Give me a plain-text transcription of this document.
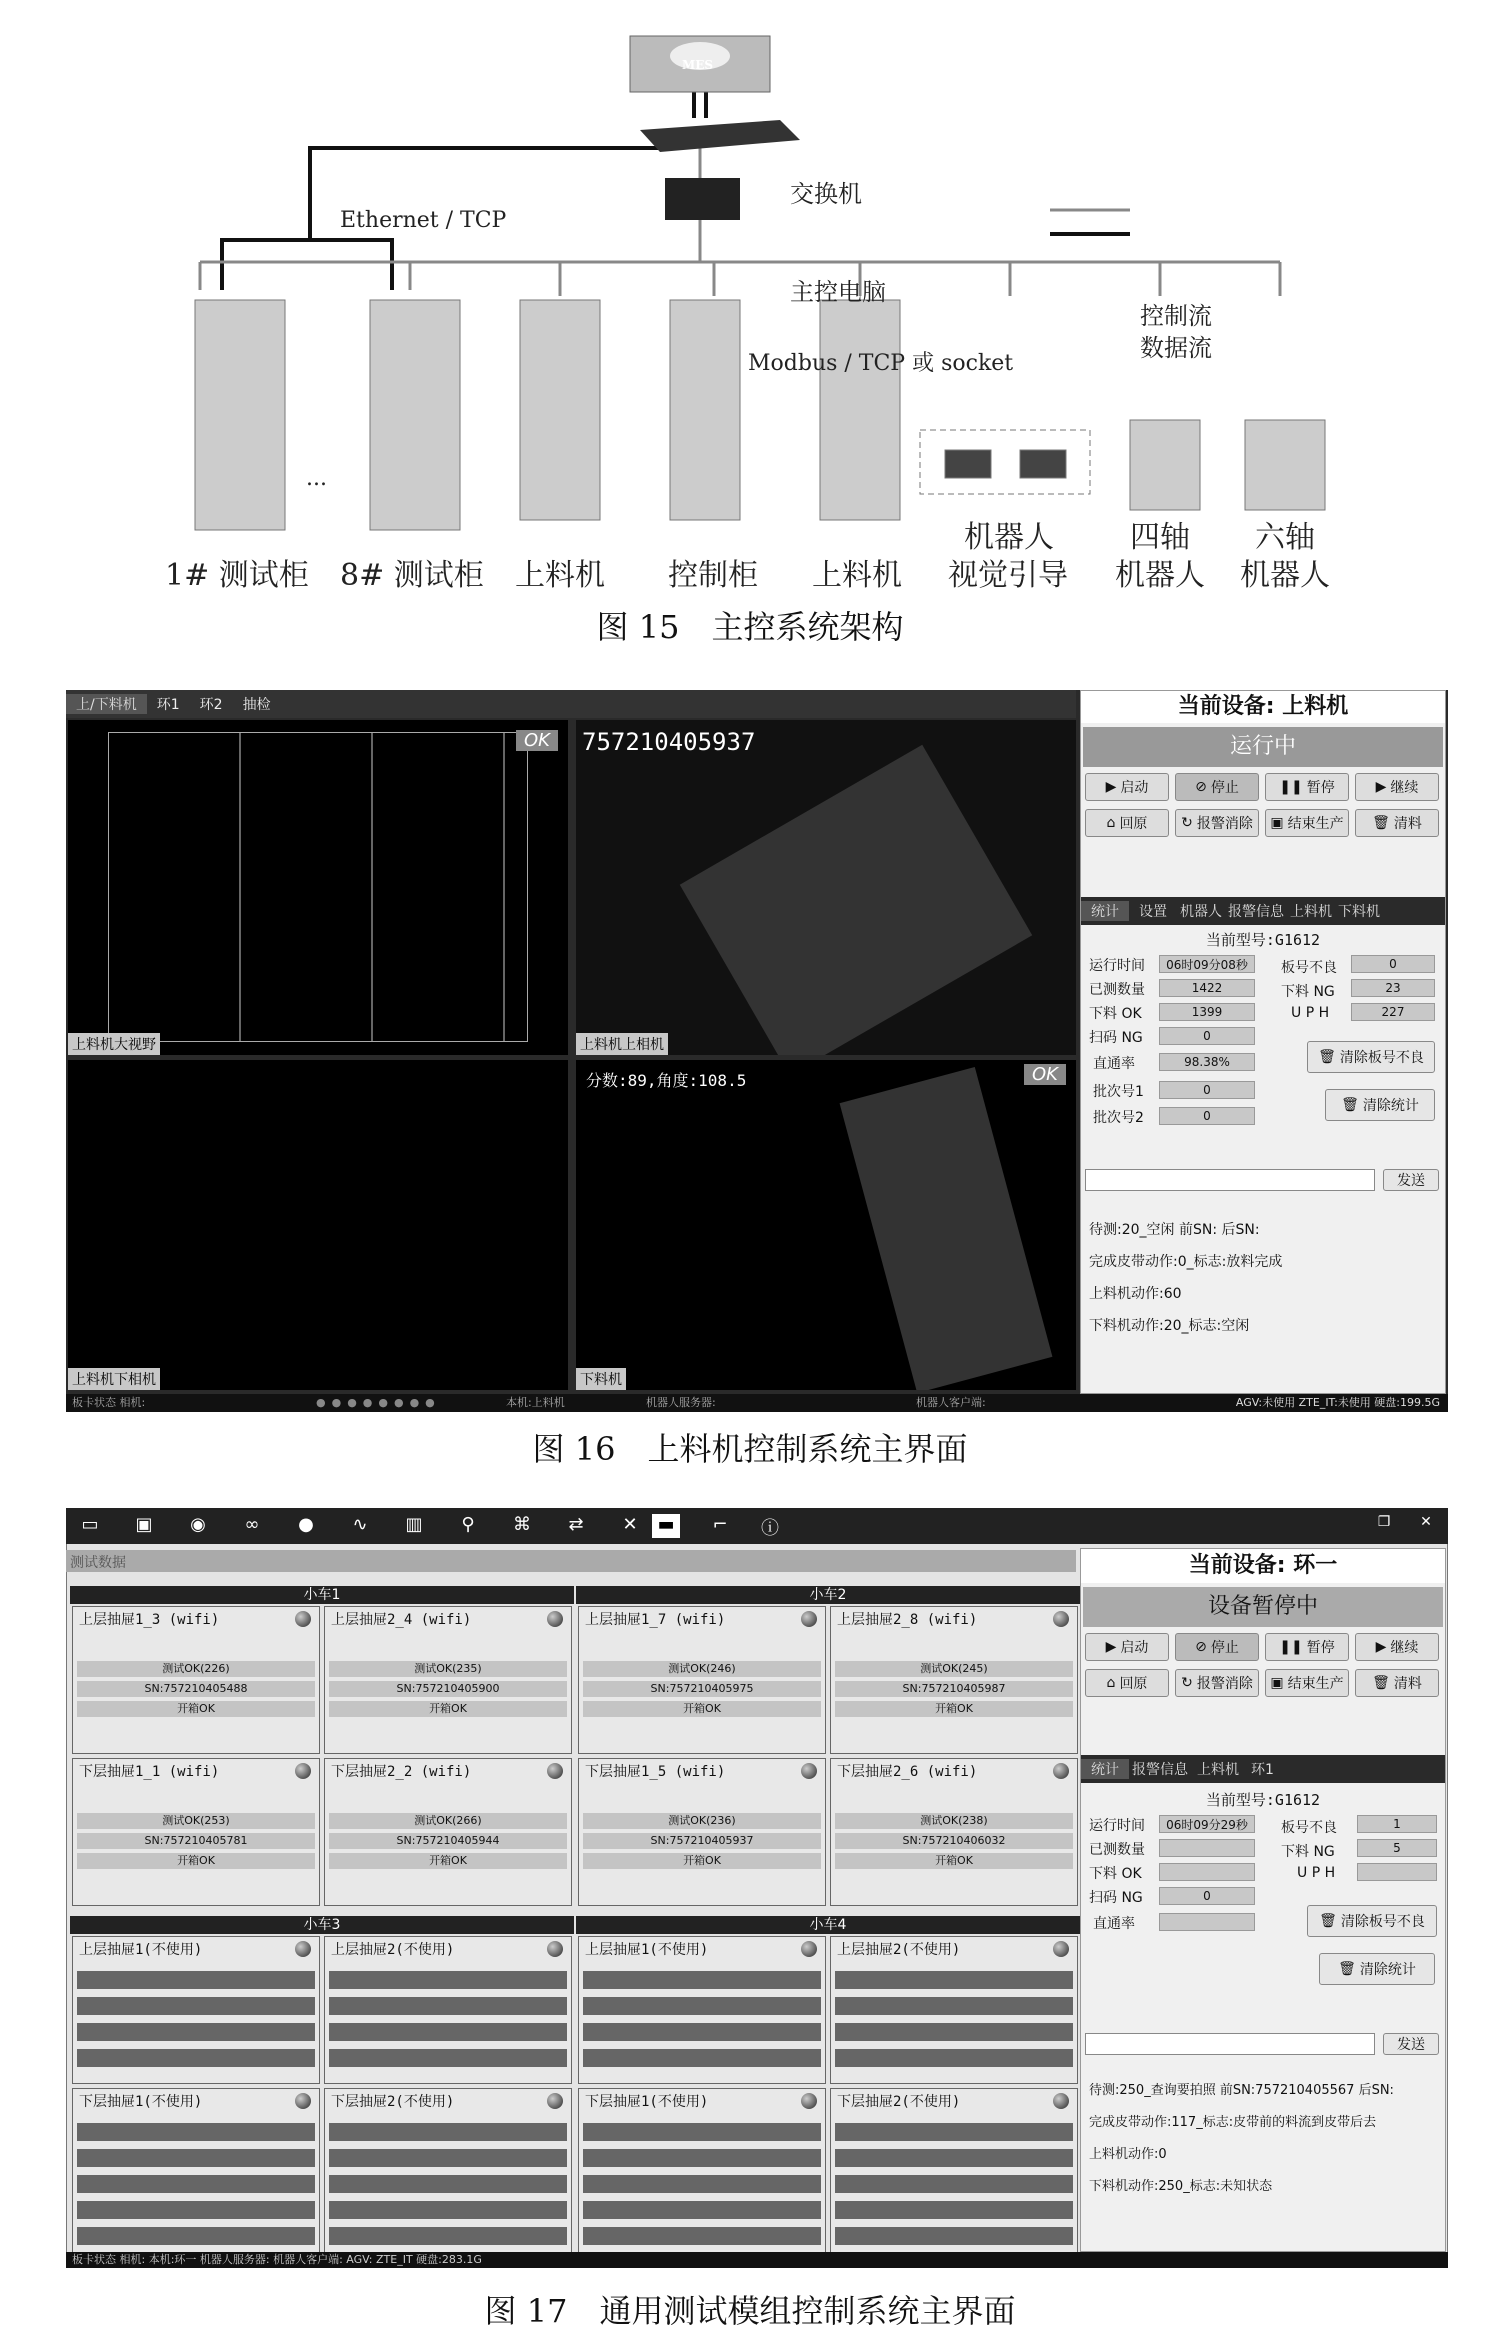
MES
交换机
主控电脑
Ethernet / TCP
Modbus / TCP 或 socket
控制流
数据流
...
1# 测试柜 8# 测试柜 上料机 控制柜 上料机
机器人
视觉引导
四轴
机器人
六轴
机器人
图 15　主控系统架构
上/下料机	环1	环2	抽检
OK
上料机大视野
757210405937
上料机上相机
上料机下相机
分数:89,角度:108.5	OK
下料机
当前设备: 上料机
运行中
▶ 启动	⊘ 停止	❚❚ 暂停	▶ 继续
⌂ 回原 ↻ 报警消除 ▣ 结束生产 🗑 清料
统计	设置 机器人 报警信息 上料机 下料机
当前型号:G1612
运行时间	06时09分08秒
已测数量	1422
下料 OK	1399
扫码 NG	0
直通率	98.38%
批次号1	0
批次号2	0
板号不良	0
下料 NG	23
U P H	227
🗑 清除板号不良
🗑 清除统计
发送
待测:20_空闲 前SN: 后SN:
完成皮带动作:0_标志:放料完成
上料机动作:60
下料机动作:20_标志:空闲
板卡状态 相机:	●●●●●●●●	本机:上料机	机器人服务器:	机器人客户端:	AGV:未使用 ZTE_IT:未使用 硬盘:199.5G
图 16　上料机控制系统主界面
▭	▣	◉	∞	●	∿	▥	⚲	⌘	⇄	✕	▬	⌐	ⓘ	❐	✕
测试数据
小车1	小车2
小车3	小车4
上层抽屉1_3 (wifi)
测试OK(226)
SN:757210405488
开箱OK
上层抽屉2_4 (wifi)
测试OK(235)
SN:757210405900
开箱OK
上层抽屉1_7 (wifi)
测试OK(246)
SN:757210405975
开箱OK
上层抽屉2_8 (wifi)
测试OK(245)
SN:757210405987
开箱OK
下层抽屉1_1 (wifi)
测试OK(253)
SN:757210405781
开箱OK
下层抽屉2_2 (wifi)
测试OK(266)
SN:757210405944
开箱OK
下层抽屉1_5 (wifi)
测试OK(236)
SN:757210405937
开箱OK
下层抽屉2_6 (wifi)
测试OK(238)
SN:757210406032
开箱OK
上层抽屉1(不使用)	上层抽屉2(不使用)	上层抽屉1(不使用)	上层抽屉2(不使用)
下层抽屉1(不使用)	下层抽屉2(不使用)	下层抽屉1(不使用)	下层抽屉2(不使用)
当前设备: 环一
设备暂停中
▶ 启动	⊘ 停止	❚❚ 暂停	▶ 继续
⌂ 回原 ↻ 报警消除 ▣ 结束生产 🗑 清料
统计 报警信息 上料机 环1
当前型号:G1612
运行时间	06时09分29秒
已测数量
下料 OK
扫码 NG	0
直通率
板号不良	1
下料 NG	5
U P H
🗑 清除板号不良
🗑 清除统计
发送
待测:250_查询要拍照 前SN:757210405567 后SN:
完成皮带动作:117_标志:皮带前的料流到皮带后去
上料机动作:0
下料机动作:250_标志:未知状态
板卡状态 相机: 本机:环一 机器人服务器: 机器人客户端: AGV: ZTE_IT 硬盘:283.1G
图 17　通用测试模组控制系统主界面
